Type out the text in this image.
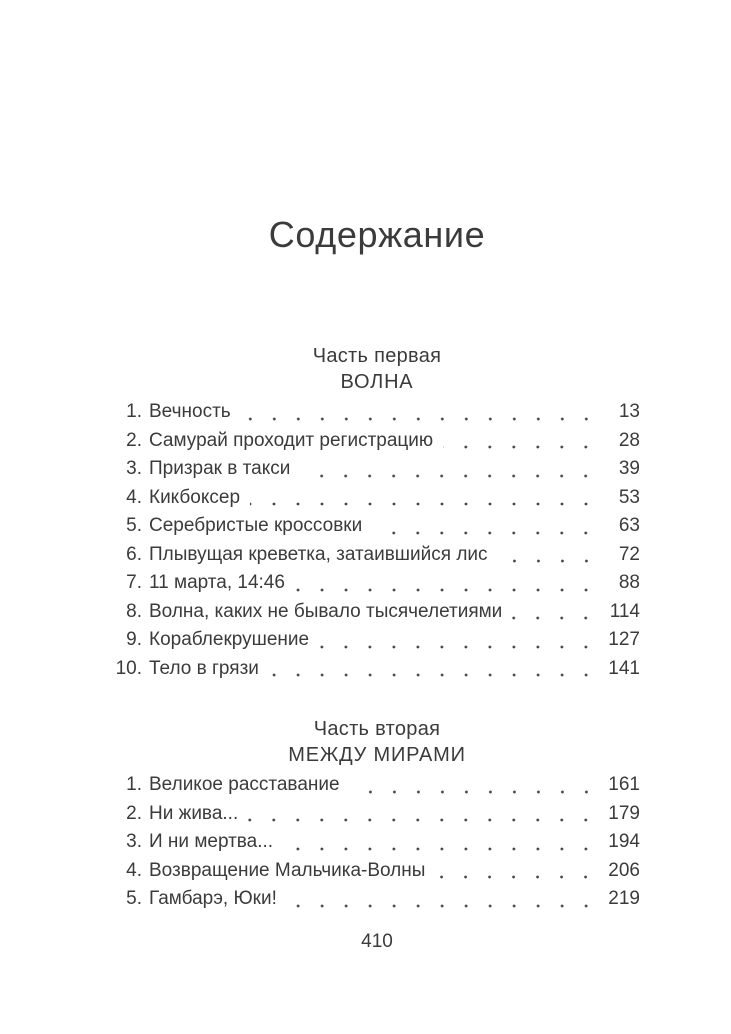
Содержание
Часть первая
ВОЛНА
1. Вечность	13
2. Самурай проходит регистрацию	28
3. Призрак в такси	39
4. Кикбоксер	53
5. Серебристые кроссовки	63
6. Плывущая креветка, затаившийся лис	72
7. 11 марта, 14:46	88
8. Волна, каких не бывало тысячелетиями	114
9. Кораблекрушение	127
10. Тело в грязи	141
Часть вторая
МЕЖДУ МИРАМИ
1. Великое расставание	161
2. Ни жива...	179
3. И ни мертва...	194
4. Возвращение Мальчика-Волны	206
5. Гамбарэ, Юки!	219
410
